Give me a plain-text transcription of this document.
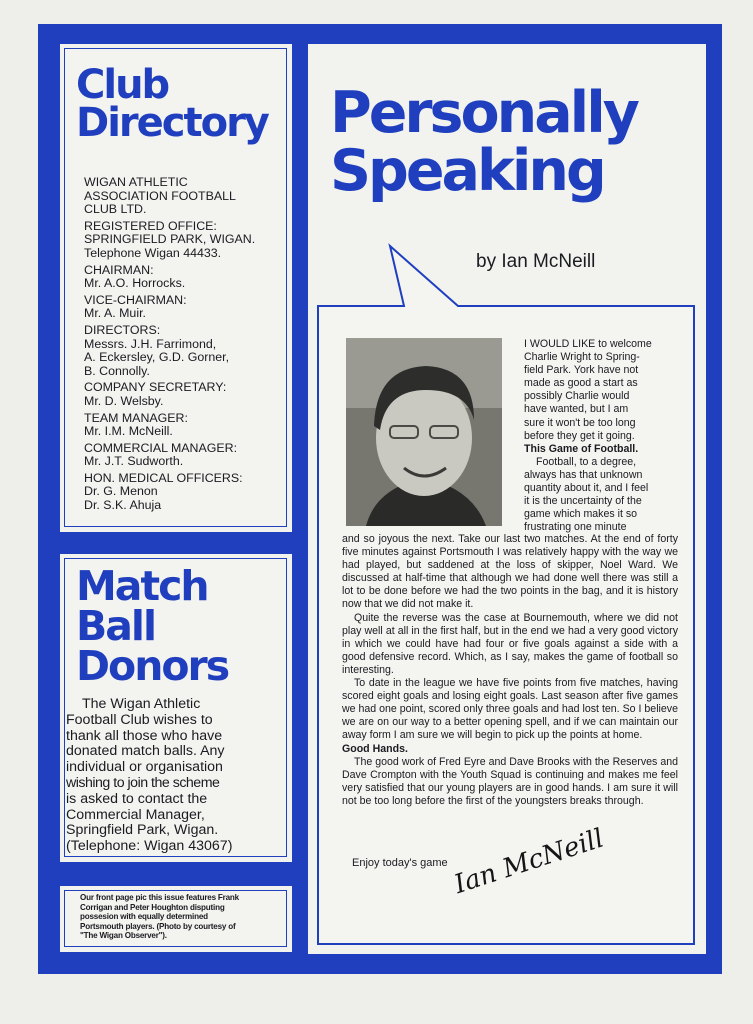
Club
Directory
WIGAN ATHLETIC
ASSOCIATION FOOTBALL
CLUB LTD.
REGISTERED OFFICE:
SPRINGFIELD PARK, WIGAN.
Telephone Wigan 44433.
CHAIRMAN:
Mr. A.O. Horrocks.
VICE-CHAIRMAN:
Mr. A. Muir.
DIRECTORS:
Messrs. J.H. Farrimond,
A. Eckersley, G.D. Gorner,
B. Connolly.
COMPANY SECRETARY:
Mr. D. Welsby.
TEAM MANAGER:
Mr. I.M. McNeill.
COMMERCIAL MANAGER:
Mr. J.T. Sudworth.
HON. MEDICAL OFFICERS:
Dr. G. Menon
Dr. S.K. Ahuja
Match
Ball
Donors
The Wigan Athletic
Football Club wishes to
thank all those who have
donated match balls. Any
individual or organisation
wishing to join the scheme
is asked to contact the
Commercial Manager,
Springfield Park, Wigan.
(Telephone: Wigan 43067)
Our front page pic this issue features Frank
Corrigan and Peter Houghton disputing
possesion with equally determined
Portsmouth players. (Photo by courtesy of
"The Wigan Observer").
Personally
Speaking
by Ian McNeill
I WOULD LIKE to welcome
Charlie Wright to Spring-
field Park. York have not
made as good a start as
possibly Charlie would
have wanted, but I am
sure it won't be too long
before they get it going.
This Game of Football.
Football, to a degree,
always has that unknown
quantity about it, and I feel
it is the uncertainty of the
game which makes it so
frustrating one minute
and so joyous the next. Take our last two matches. At the end of forty five minutes against Portsmouth I was relatively happy with the way we had played, but saddened at the loss of skipper, Noel Ward. We discussed at half-time that although we had done well there was still a lot to be done before we had the two points in the bag, and it is history now that we did not make it.
Quite the reverse was the case at Bournemouth, where we did not play well at all in the first half, but in the end we had a very good victory in which we could have had four or five goals against a side with a good defensive record. Which, as I say, makes the game of football so interesting.
To date in the league we have five points from five matches, having scored eight goals and losing eight goals. Last season after five games we had one point, scored only three goals and had lost ten. So I believe we are on our way to a better opening spell, and if we can maintain our away form I am sure we will begin to pick up the points at home.
Good Hands.
The good work of Fred Eyre and Dave Brooks with the Reserves and Dave Crompton with the Youth Squad is continuing and makes me feel very satisfied that our young players are in good hands. I am sure it will not be too long before the first of the youngsters breaks through.
Enjoy today's game Ian McNeill
